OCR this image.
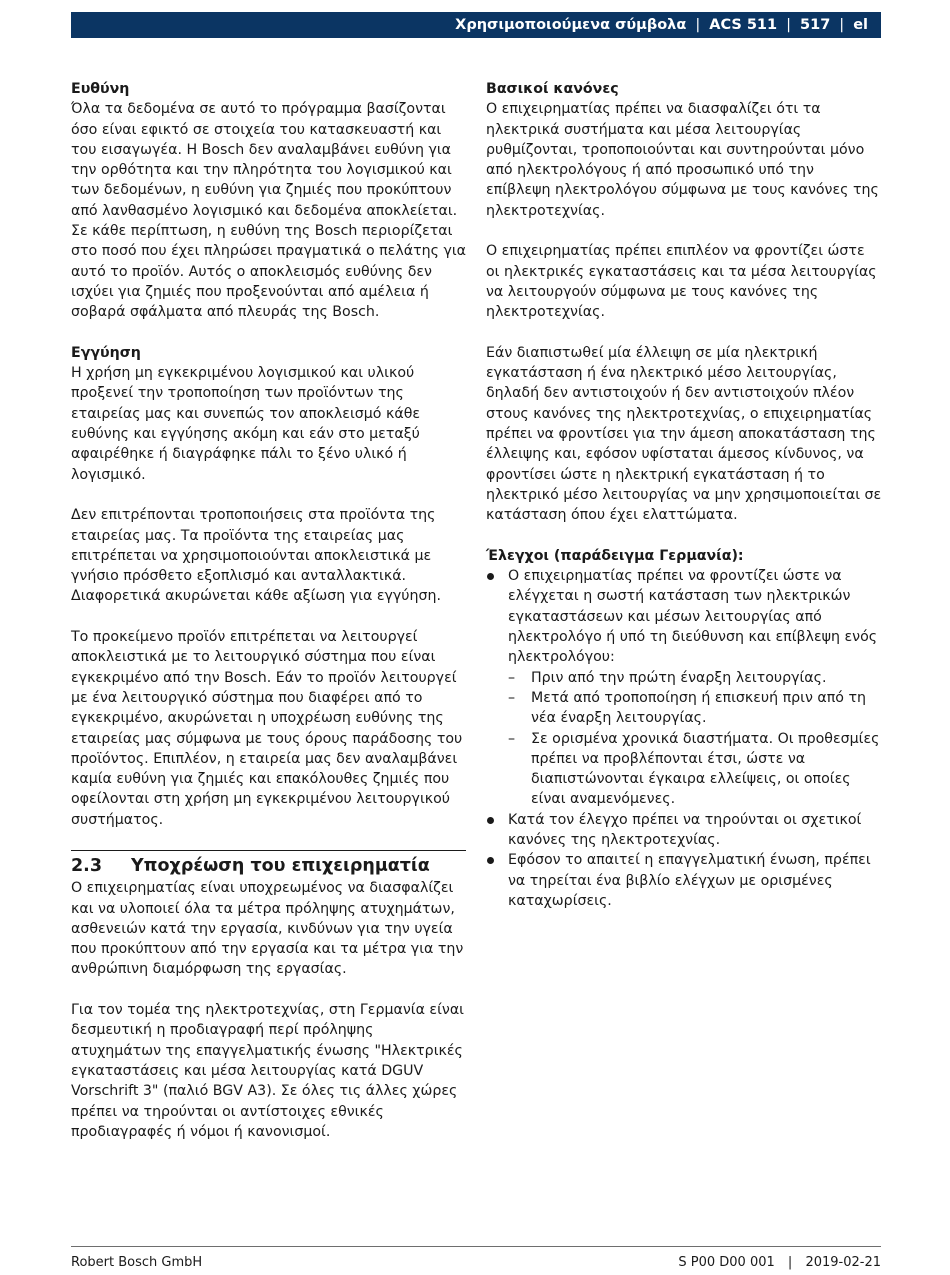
Χρησιμοποιούμενα σύμβολα | ACS 511 | 517 | el
Ευθύνη

Όλα τα δεδομένα σε αυτό το πρόγραμμα βασίζονται όσο είναι εφικτό σε στοιχεία του κατασκευαστή και του εισαγωγέα. Η Bosch δεν αναλαμβάνει ευθύνη για την ορθότητα και την πληρότητα του λογισμικού και των δεδομένων, η ευθύνη για ζημιές που προκύπτουν από λανθασμένο λογισμικό και δεδομένα αποκλείεται. Σε κάθε περίπτωση, η ευθύνη της Bosch περιορίζεται στο ποσό που έχει πληρώσει πραγματικά ο πελάτης για αυτό το προϊόν. Αυτός ο αποκλεισμός ευθύνης δεν ισχύει για ζημιές που προξενούνται από αμέλεια ή σοβαρά σφάλματα από πλευράς της Bosch.

Εγγύηση

Η χρήση μη εγκεκριμένου λογισμικού και υλικού προξενεί την τροποποίηση των προϊόντων της εταιρείας μας και συνεπώς τον αποκλεισμό κάθε ευθύνης και εγγύησης ακόμη και εάν στο μεταξύ αφαιρέθηκε ή διαγράφηκε πάλι το ξένο υλικό ή λογισμικό.

Δεν επιτρέπονται τροποποιήσεις στα προϊόντα της εταιρείας μας. Τα προϊόντα της εταιρείας μας επιτρέπεται να χρησιμοποιούνται αποκλειστικά με γνήσιο πρόσθετο εξοπλισμό και ανταλλακτικά. Διαφορετικά ακυρώνεται κάθε αξίωση για εγγύηση.

Το προκείμενο προϊόν επιτρέπεται να λειτουργεί αποκλειστικά με το λειτουργικό σύστημα που είναι εγκεκριμένο από την Bosch. Εάν το προϊόν λειτουργεί με ένα λειτουργικό σύστημα που διαφέρει από το εγκεκριμένο, ακυρώνεται η υποχρέωση ευθύνης της εταιρείας μας σύμφωνα με τους όρους παράδοσης του προϊόντος. Επιπλέον, η εταιρεία μας δεν αναλαμβάνει καμία ευθύνη για ζημιές και επακόλουθες ζημιές που οφείλονται στη χρήση μη εγκεκριμένου λειτουργικού συστήματος.

2.3 Υποχρέωση του επιχειρηματία

Ο επιχειρηματίας είναι υποχρεωμένος να διασφαλίζει και να υλοποιεί όλα τα μέτρα πρόληψης ατυχημάτων, ασθενειών κατά την εργασία, κινδύνων για την υγεία που προκύπτουν από την εργασία και τα μέτρα για την ανθρώπινη διαμόρφωση της εργασίας.

Για τον τομέα της ηλεκτροτεχνίας, στη Γερμανία είναι δεσμευτική η προδιαγραφή περί πρόληψης ατυχημάτων της επαγγελματικής ένωσης "Ηλεκτρικές εγκαταστάσεις και μέσα λειτουργίας κατά DGUV Vorschrift 3" (παλιό BGV A3). Σε όλες τις άλλες χώρες πρέπει να τηρούνται οι αντίστοιχες εθνικές προδιαγραφές ή νόμοι ή κανονισμοί.

Βασικοί κανόνες

Ο επιχειρηματίας πρέπει να διασφαλίζει ότι τα ηλεκτρικά συστήματα και μέσα λειτουργίας ρυθμίζονται, τροποποιούνται και συντηρούνται μόνο από ηλεκτρολόγους ή από προσωπικό υπό την επίβλεψη ηλεκτρολόγου σύμφωνα με τους κανόνες της ηλεκτροτεχνίας.

Ο επιχειρηματίας πρέπει επιπλέον να φροντίζει ώστε οι ηλεκτρικές εγκαταστάσεις και τα μέσα λειτουργίας να λειτουργούν σύμφωνα με τους κανόνες της ηλεκτροτεχνίας.

Εάν διαπιστωθεί μία έλλειψη σε μία ηλεκτρική εγκατάσταση ή ένα ηλεκτρικό μέσο λειτουργίας, δηλαδή δεν αντιστοιχούν ή δεν αντιστοιχούν πλέον στους κανόνες της ηλεκτροτεχνίας, ο επιχειρηματίας πρέπει να φροντίσει για την άμεση αποκατάσταση της έλλειψης και, εφόσον υφίσταται άμεσος κίνδυνος, να φροντίσει ώστε η ηλεκτρική εγκατάσταση ή το ηλεκτρικό μέσο λειτουργίας να μην χρησιμοποιείται σε κατάσταση όπου έχει ελαττώματα.

Έλεγχοι (παράδειγμα Γερμανία):
Ο επιχειρηματίας πρέπει να φροντίζει ώστε να ελέγχεται η σωστή κατάσταση των ηλεκτρικών εγκαταστάσεων και μέσων λειτουργίας από ηλεκτρολόγο ή υπό τη διεύθυνση και επίβλεψη ενός ηλεκτρολόγου:
– Πριν από την πρώτη έναρξη λειτουργίας.
– Μετά από τροποποίηση ή επισκευή πριν από τη νέα έναρξη λειτουργίας.
– Σε ορισμένα χρονικά διαστήματα. Οι προθεσμίες πρέπει να προβλέπονται έτσι, ώστε να διαπιστώνονται έγκαιρα ελλείψεις, οι οποίες είναι αναμενόμενες.
Κατά τον έλεγχο πρέπει να τηρούνται οι σχετικοί κανόνες της ηλεκτροτεχνίας.
Εφόσον το απαιτεί η επαγγελματική ένωση, πρέπει να τηρείται ένα βιβλίο ελέγχων με ορισμένες καταχωρίσεις.
Robert Bosch GmbH	S P00 D00 001 | 2019-02-21
